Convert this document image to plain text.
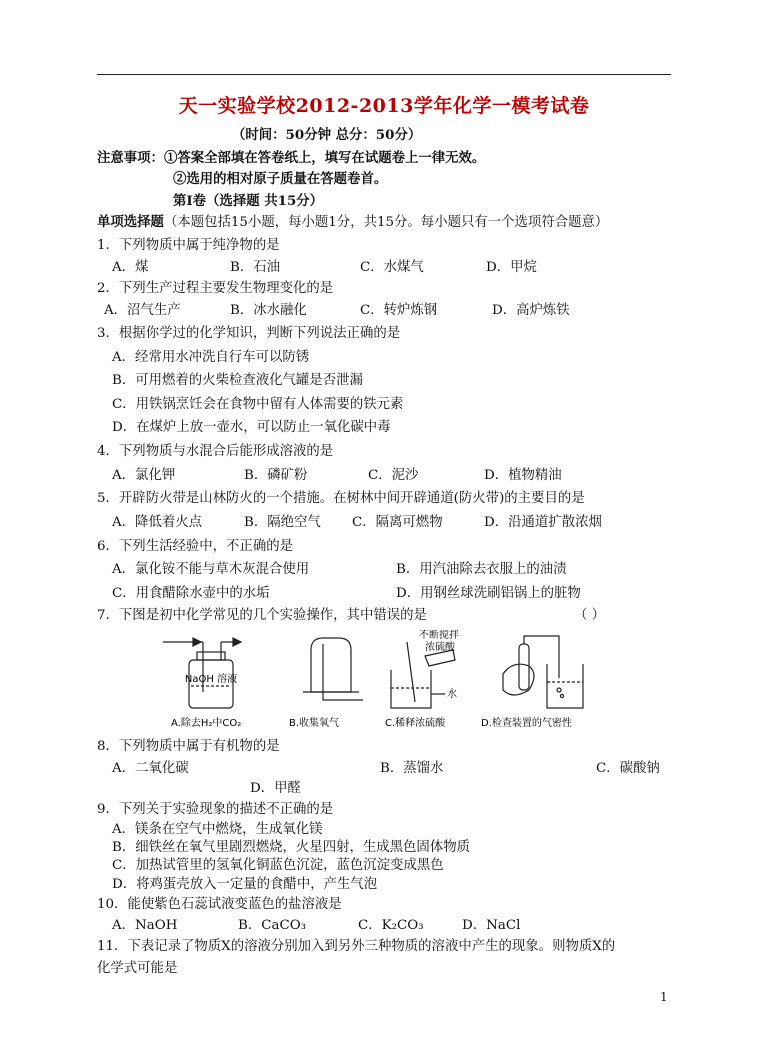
天一实验学校2012-2013学年化学一模考试卷
（时间：50分钟 总分：50分）
注意事项：①答案全部填在答卷纸上，填写在试题卷上一律无效。
②选用的相对原子质量在答题卷首。
第Ⅰ卷（选择题 共15分）
单项选择题（本题包括15小题，每小题1分，共15分。每小题只有一个选项符合题意）
1．下列物质中属于纯净物的是
A．煤	B．石油	C．水煤气	D．甲烷
2．下列生产过程主要发生物理变化的是
A．沼气生产	B．冰水融化	C．转炉炼钢	D．高炉炼铁
3．根据你学过的化学知识，判断下列说法正确的是
A．经常用水冲洗自行车可以防锈
B．可用燃着的火柴检查液化气罐是否泄漏
C．用铁锅烹饪会在食物中留有人体需要的铁元素
D．在煤炉上放一壶水，可以防止一氧化碳中毒
4．下列物质与水混合后能形成溶液的是
A．氯化钾	B．磷矿粉	C．泥沙	D．植物精油
5．开辟防火带是山林防火的一个措施。在树林中间开辟通道(防火带)的主要目的是
A．降低着火点	B．隔绝空气 C．隔离可燃物	D．沿通道扩散浓烟
6．下列生活经验中，不正确的是
A．氯化铵不能与草木灰混合使用	B．用汽油除去衣服上的油渍
C．用食醋除水壶中的水垢	D．用钢丝球洗刷铝锅上的脏物
7．下图是初中化学常见的几个实验操作，其中错误的是	（ ）
NaOH 溶液
不断搅拌
浓硫酸
水
A.除去H₂中CO₂	B.收集氧气	C.稀释浓硫酸	D.检查装置的气密性
8．下列物质中属于有机物的是
A．二氧化碳	B．蒸馏水	C．碳酸钠
D．甲醛
9．下列关于实验现象的描述不正确的是
A．镁条在空气中燃烧，生成氧化镁
B．细铁丝在氧气里剧烈燃烧，火星四射，生成黑色固体物质
C．加热试管里的氢氧化铜蓝色沉淀，蓝色沉淀变成黑色
D．将鸡蛋壳放入一定量的食醋中，产生气泡
10．能使紫色石蕊试液变蓝色的盐溶液是
A．NaOH	B．CaCO₃	C．K₂CO₃	D．NaCl
11．下表记录了物质X的溶液分别加入到另外三种物质的溶液中产生的现象。则物质X的
化学式可能是
1
